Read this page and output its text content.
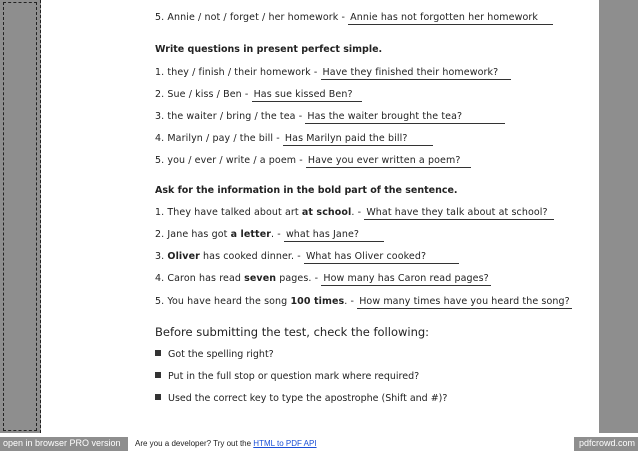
5. Annie / not / forget / her homework - Annie has not forgotten her homework
Write questions in present perfect simple.
1. they / finish / their homework - Have they finished their homework?
2. Sue / kiss / Ben - Has sue kissed Ben?
3. the waiter / bring / the tea - Has the waiter brought the tea?
4. Marilyn / pay / the bill - Has Marilyn paid the bill?
5. you / ever / write / a poem - Have you ever written a poem?
Ask for the information in the bold part of the sentence.
1. They have talked about art at school. - What have they talk about at school?
2. Jane has got a letter. - what has Jane?
3. Oliver has cooked dinner. - What has Oliver cooked?
4. Caron has read seven pages. - How many has Caron read pages?
5. You have heard the song 100 times. - How many times have you heard the song?
Before submitting the test, check the following:
Got the spelling right?
Put in the full stop or question mark where required?
Used the correct key to type the apostrophe (Shift and #)?
open in browser PRO version	Are you a developer? Try out the HTML to PDF API	pdfcrowd.com
